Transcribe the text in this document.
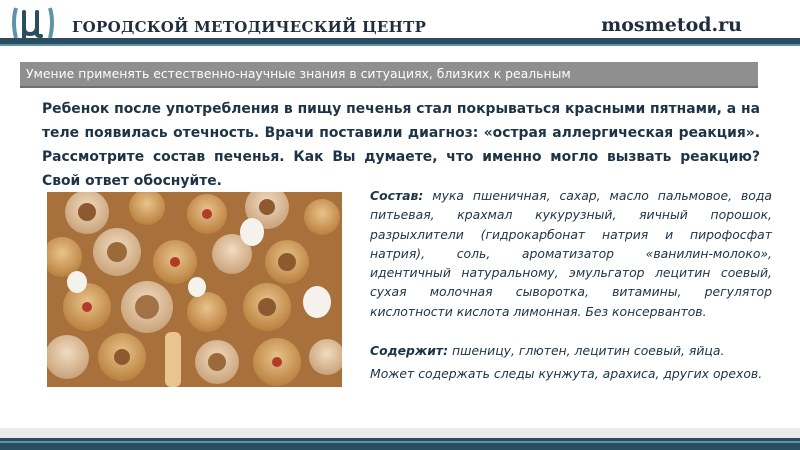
ГОРОДСКОЙ МЕТОДИЧЕСКИЙ ЦЕНТР	mosmetod.ru
Умение применять естественно-научные знания в ситуациях, близких к реальным

Ребенок после употребления в пищу печенья стал покрываться красными пятнами, а на теле появилась отечность. Врачи поставили диагноз: «острая аллергическая реакция». Рассмотрите состав печенья. Как Вы думаете, что именно могло вызвать реакцию? Свой ответ обоснуйте.

Состав: мука пшеничная, сахар, масло пальмовое, вода питьевая, крахмал кукурузный, яичный порошок, разрыхлители (гидрокарбонат натрия и пирофосфат натрия), соль, ароматизатор «ванилин-молоко», идентичный натуральному, эмульгатор лецитин соевый, сухая молочная сыворотка, витамины, регулятор
кислотности кислота лимонная. Без консервантов.

Содержит: пшеницу, глютен, лецитин соевый, яйца.

Может содержать следы кунжута, арахиса, других орехов.
